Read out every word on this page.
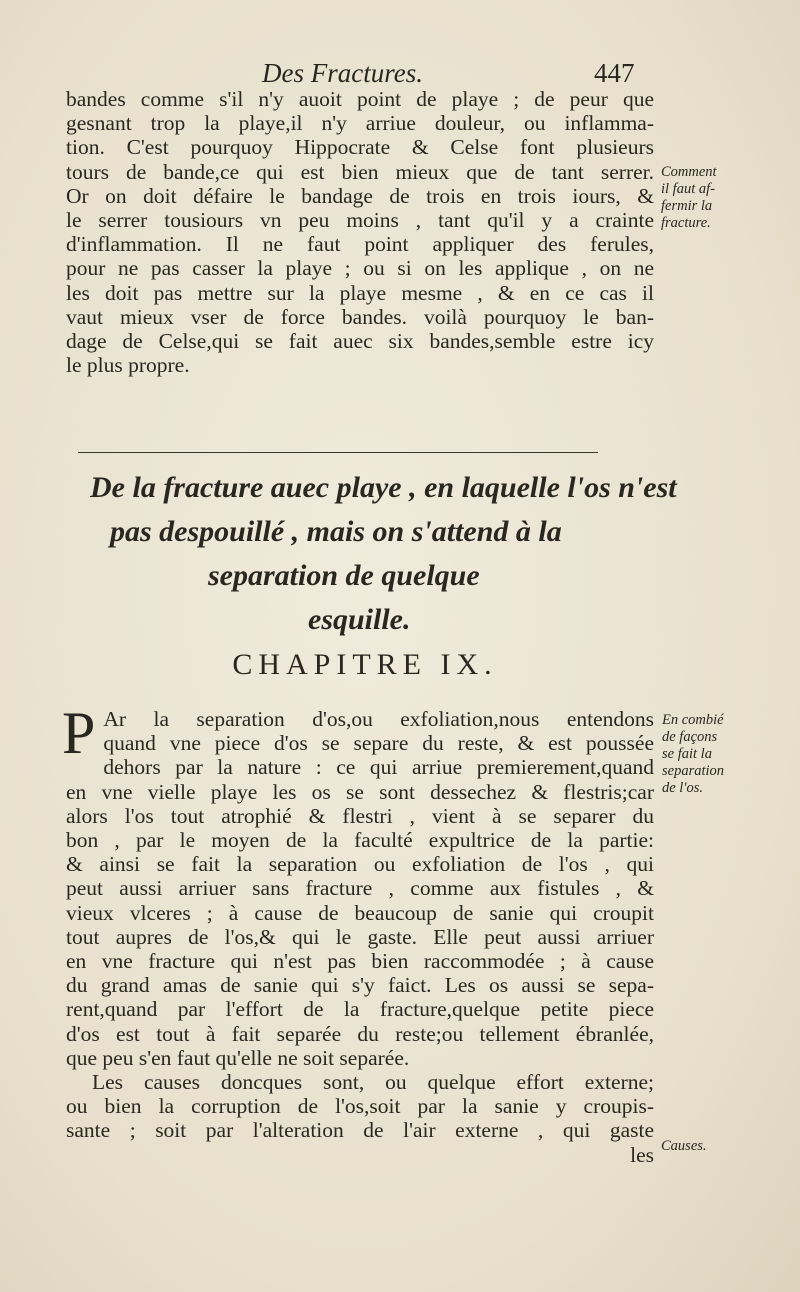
Des Fractures.	447
bandes comme s'il n'y auoit point de playe ; de peur que
gesnant trop la playe,il n'y arriue douleur, ou inflamma-
tion. C'est pourquoy Hippocrate & Celse font plusieurs
tours de bande,ce qui est bien mieux que de tant serrer.
Or on doit défaire le bandage de trois en trois iours, &
le serrer tousiours vn peu moins , tant qu'il y a crainte
d'inflammation. Il ne faut point appliquer des ferules,
pour ne pas casser la playe ; ou si on les applique , on ne
les doit pas mettre sur la playe mesme , & en ce cas il
vaut mieux vser de force bandes. voilà pourquoy le ban-
dage de Celse,qui se fait auec six bandes,semble estre icy
le plus propre.
Comment
il faut af-
fermir la
fracture.
De la fracture auec playe , en laquelle l'os n'est
pas despouillé , mais on s'attend à la
separation de quelque
esquille.
CHAPITRE IX.
P Ar la separation d'os,ou exfoliation,nous entendons
quand vne piece d'os se separe du reste, & est poussée
dehors par la nature : ce qui arriue premierement,quand
en vne vielle playe les os se sont dessechez & flestris;car
alors l'os tout atrophié & flestri , vient à se separer du
bon , par le moyen de la faculté expultrice de la partie:
& ainsi se fait la separation ou exfoliation de l'os , qui
peut aussi arriuer sans fracture , comme aux fistules , &
vieux vlceres ; à cause de beaucoup de sanie qui croupit
tout aupres de l'os,& qui le gaste. Elle peut aussi arriuer
en vne fracture qui n'est pas bien raccommodée ; à cause
du grand amas de sanie qui s'y faict. Les os aussi se sepa-
rent,quand par l'effort de la fracture,quelque petite piece
d'os est tout à fait separée du reste;ou tellement ébranlée,
que peu s'en faut qu'elle ne soit separée.
Les causes doncques sont, ou quelque effort externe;
ou bien la corruption de l'os,soit par la sanie y croupis-
sante ; soit par l'alteration de l'air externe , qui gaste
les
En combié
de façons
se fait la
separation
de l'os.
Causes.
